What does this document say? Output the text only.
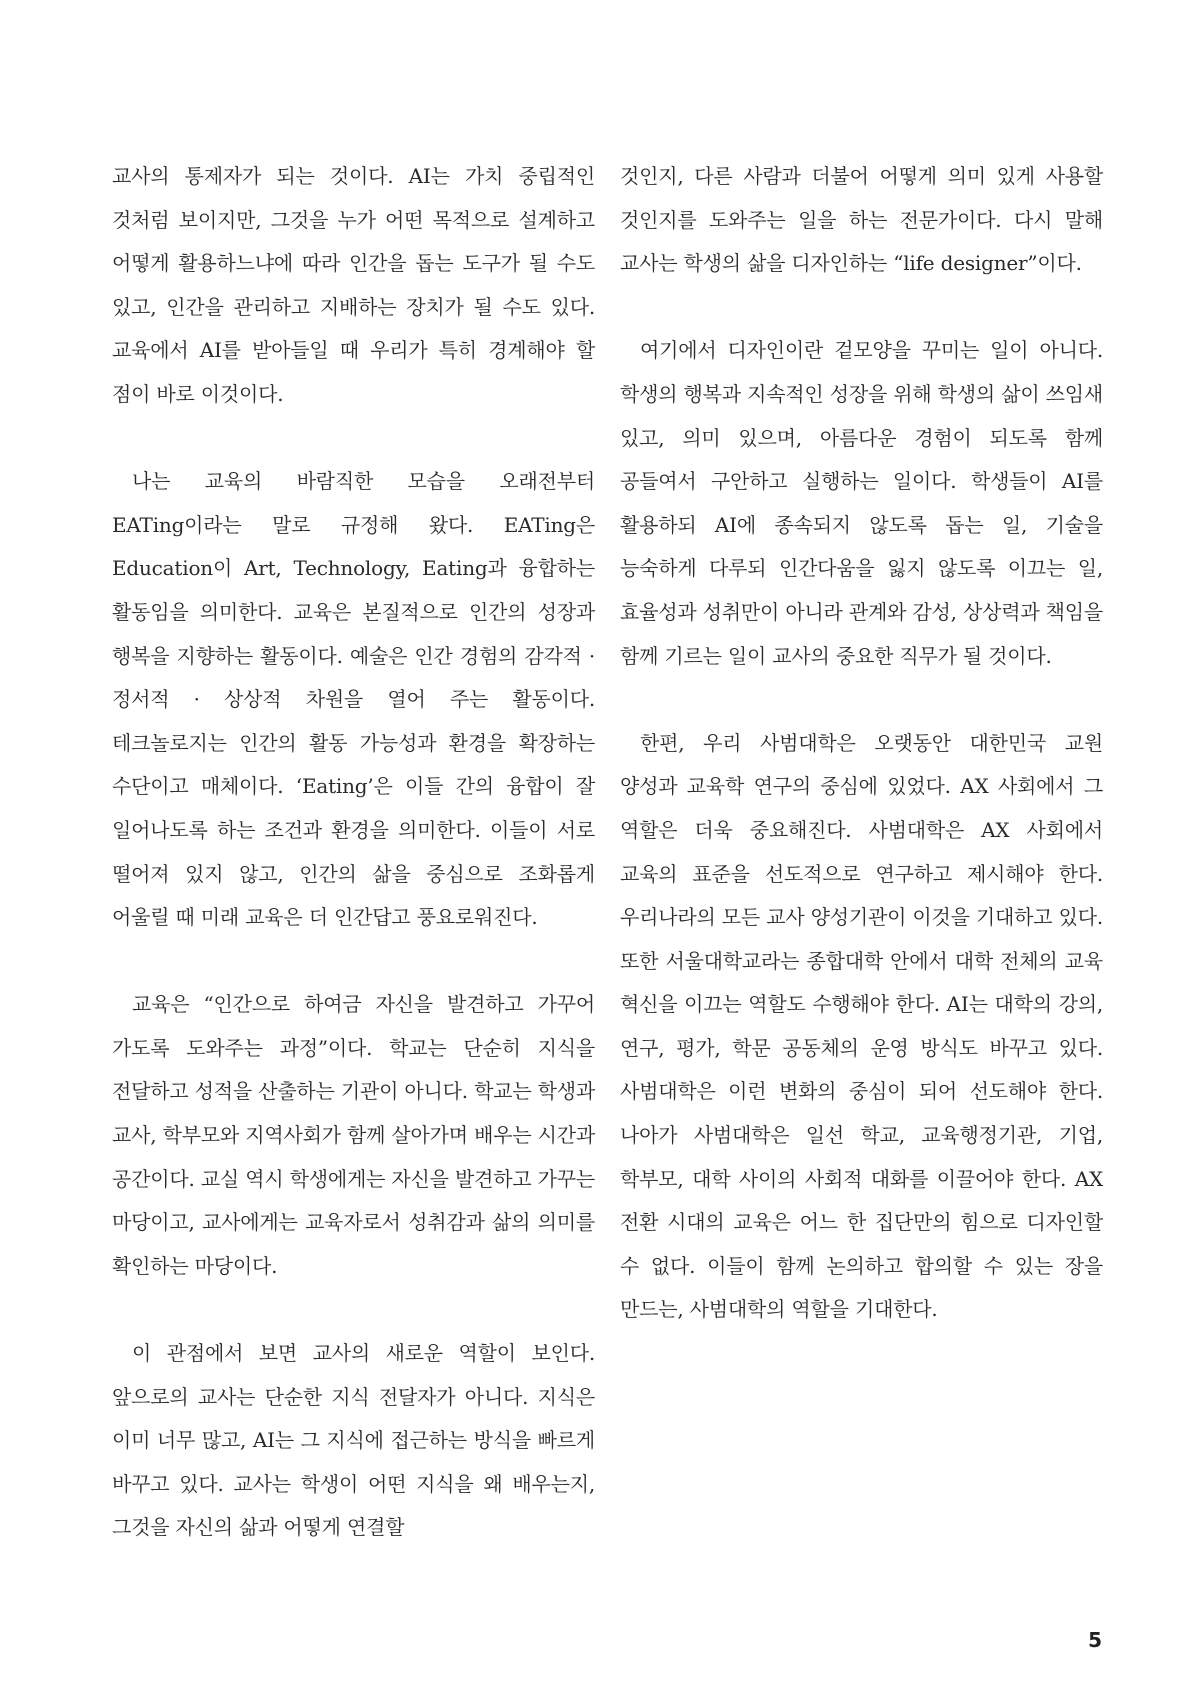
교사의 통제자가 되는 것이다. AI는 가치 중립적인 것처럼 보이지만, 그것을 누가 어떤 목적으로 설계하고 어떻게 활용하느냐에 따라 인간을 돕는 도구가 될 수도 있고, 인간을 관리하고 지배하는 장치가 될 수도 있다. 교육에서 AI를 받아들일 때 우리가 특히 경계해야 할 점이 바로 이것이다.

나는 교육의 바람직한 모습을 오래전부터 EATing이라는 말로 규정해 왔다. EATing은 Education이 Art, Technology, Eating과 융합하는 활동임을 의미한다. 교육은 본질적으로 인간의 성장과 행복을 지향하는 활동이다. 예술은 인간 경험의 감각적 · 정서적 · 상상적 차원을 열어 주는 활동이다. 테크놀로지는 인간의 활동 가능성과 환경을 확장하는 수단이고 매체이다. ‘Eating’은 이들 간의 융합이 잘 일어나도록 하는 조건과 환경을 의미한다. 이들이 서로 떨어져 있지 않고, 인간의 삶을 중심으로 조화롭게 어울릴 때 미래 교육은 더 인간답고 풍요로워진다.

교육은 “인간으로 하여금 자신을 발견하고 가꾸어 가도록 도와주는 과정”이다. 학교는 단순히 지식을 전달하고 성적을 산출하는 기관이 아니다. 학교는 학생과 교사, 학부모와 지역사회가 함께 살아가며 배우는 시간과 공간이다. 교실 역시 학생에게는 자신을 발견하고 가꾸는 마당이고, 교사에게는 교육자로서 성취감과 삶의 의미를 확인하는 마당이다.

이 관점에서 보면 교사의 새로운 역할이 보인다. 앞으로의 교사는 단순한 지식 전달자가 아니다. 지식은 이미 너무 많고, AI는 그 지식에 접근하는 방식을 빠르게 바꾸고 있다. 교사는 학생이 어떤 지식을 왜 배우는지, 그것을 자신의 삶과 어떻게 연결할

것인지, 다른 사람과 더불어 어떻게 의미 있게 사용할 것인지를 도와주는 일을 하는 전문가이다. 다시 말해 교사는 학생의 삶을 디자인하는 “life designer”이다.

여기에서 디자인이란 겉모양을 꾸미는 일이 아니다. 학생의 행복과 지속적인 성장을 위해 학생의 삶이 쓰임새 있고, 의미 있으며, 아름다운 경험이 되도록 함께 공들여서 구안하고 실행하는 일이다. 학생들이 AI를 활용하되 AI에 종속되지 않도록 돕는 일, 기술을 능숙하게 다루되 인간다움을 잃지 않도록 이끄는 일, 효율성과 성취만이 아니라 관계와 감성, 상상력과 책임을 함께 기르는 일이 교사의 중요한 직무가 될 것이다.

한편, 우리 사범대학은 오랫동안 대한민국 교원 양성과 교육학 연구의 중심에 있었다. AX 사회에서 그 역할은 더욱 중요해진다. 사범대학은 AX 사회에서 교육의 표준을 선도적으로 연구하고 제시해야 한다. 우리나라의 모든 교사 양성기관이 이것을 기대하고 있다. 또한 서울대학교라는 종합대학 안에서 대학 전체의 교육 혁신을 이끄는 역할도 수행해야 한다. AI는 대학의 강의, 연구, 평가, 학문 공동체의 운영 방식도 바꾸고 있다. 사범대학은 이런 변화의 중심이 되어 선도해야 한다. 나아가 사범대학은 일선 학교, 교육행정기관, 기업, 학부모, 대학 사이의 사회적 대화를 이끌어야 한다. AX 전환 시대의 교육은 어느 한 집단만의 힘으로 디자인할 수 없다. 이들이 함께 논의하고 합의할 수 있는 장을 만드는, 사범대학의 역할을 기대한다.

5
